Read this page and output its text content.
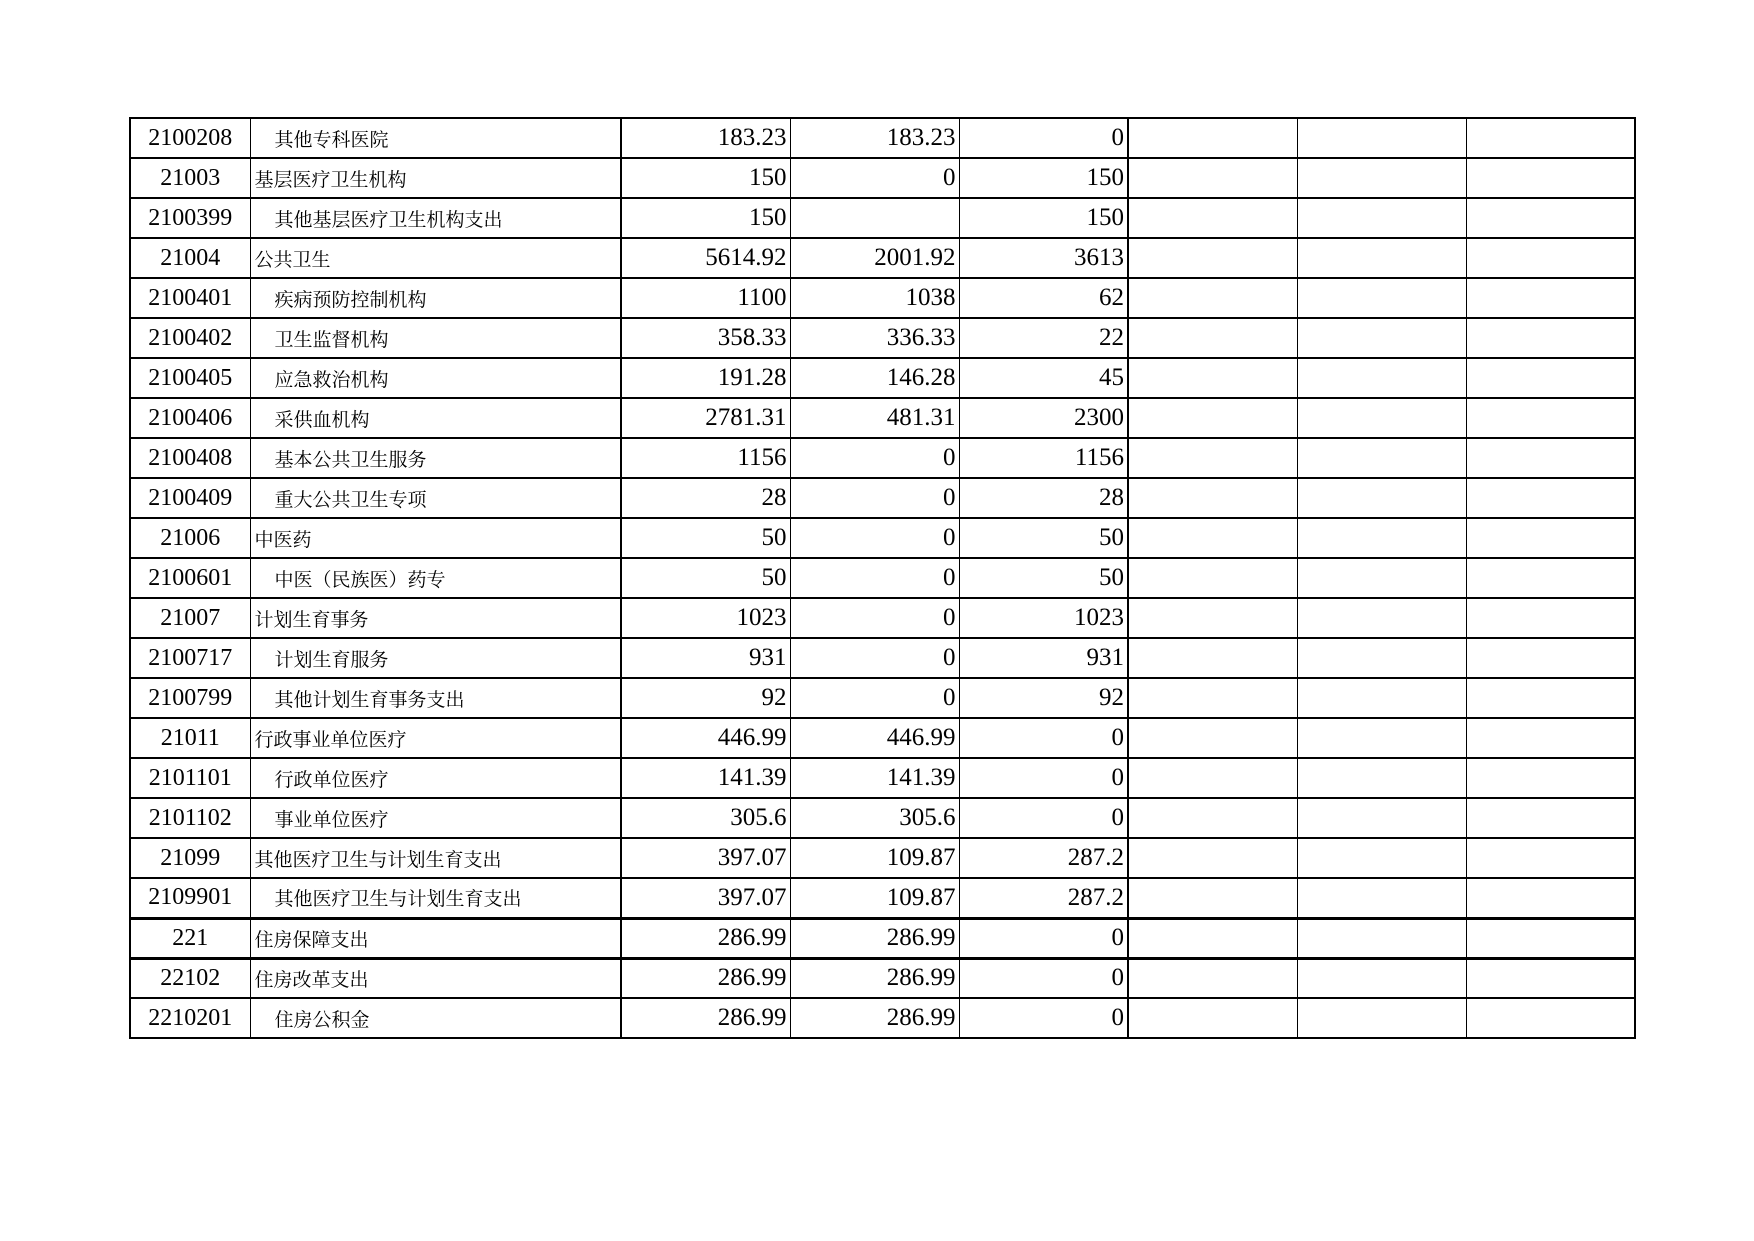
2100208	其他专科医院	183.23	183.23	0			
21003	基层医疗卫生机构	150	0	150			
2100399	其他基层医疗卫生机构支出	150		150			
21004	公共卫生	5614.92	2001.92	3613			
2100401	疾病预防控制机构	1100	1038	62			
2100402	卫生监督机构	358.33	336.33	22			
2100405	应急救治机构	191.28	146.28	45			
2100406	采供血机构	2781.31	481.31	2300			
2100408	基本公共卫生服务	1156	0	1156			
2100409	重大公共卫生专项	28	0	28			
21006	中医药	50	0	50			
2100601	中医（民族医）药专	50	0	50			
21007	计划生育事务	1023	0	1023			
2100717	计划生育服务	931	0	931			
2100799	其他计划生育事务支出	92	0	92			
21011	行政事业单位医疗	446.99	446.99	0			
2101101	行政单位医疗	141.39	141.39	0			
2101102	事业单位医疗	305.6	305.6	0			
21099	其他医疗卫生与计划生育支出	397.07	109.87	287.2			
2109901	其他医疗卫生与计划生育支出	397.07	109.87	287.2			
221	住房保障支出	286.99	286.99	0			
22102	住房改革支出	286.99	286.99	0			
2210201	住房公积金	286.99	286.99	0			
